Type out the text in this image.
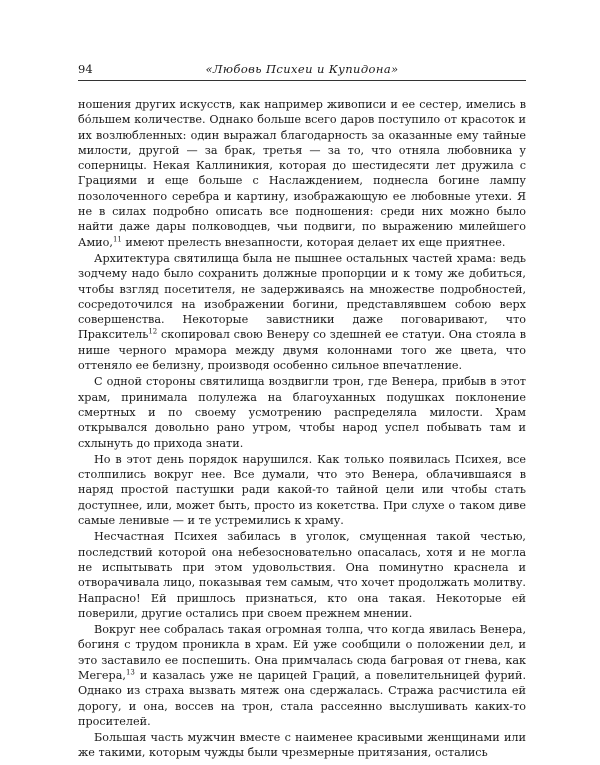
94	«Любовь Психеи и Купидона»

ношения других искусств, как например живописи и ее сестер, имелись в бо́льшем количестве. Однако больше всего даров поступило от красоток и их возлюбленных: один выражал благодарность за оказанные ему тайные милости, другой — за брак, третья — за то, что отняла любовника у соперницы. Некая Каллиникия, которая до шестидесяти лет дружила с Грациями и еще больше с Наслаждением, поднесла богине лампу позолоченного серебра и картину, изображающую ее любовные утехи. Я не в силах подробно описать все подношения: среди них можно было найти даже дары полководцев, чьи подвиги, по выражению милейшего Амио,$^{11}$ имеют прелесть внезапности, которая делает их еще приятнее.

Архитектура святилища была не пышнее остальных частей храма: ведь зодчему надо было сохранить должные пропорции и к тому же добиться, чтобы взгляд посетителя, не задерживаясь на множестве подробностей, сосредоточился на изображении богини, представлявшем собою верх совершенства. Некоторые завистники даже поговаривают, что Пракситель$^{12}$ скопировал свою Венеру со здешней ее статуи. Она стояла в нише черного мрамора между двумя колоннами того же цвета, что оттеняло ее белизну, производя особенно сильное впечатление.

С одной стороны святилища воздвигли трон, где Венера, прибыв в этот храм, принимала полулежа на благоуханных подушках поклонение смертных и по своему усмотрению распределяла милости. Храм открывался довольно рано утром, чтобы народ успел побывать там и схлынуть до прихода знати.

Но в этот день порядок нарушился. Как только появилась Психея, все столпились вокруг нее. Все думали, что это Венера, облачившаяся в наряд простой пастушки ради какой-то тайной цели или чтобы стать доступнее, или, может быть, просто из кокетства. При слухе о таком диве самые ленивые — и те устремились к храму.

Несчастная Психея забилась в уголок, смущенная такой честью, последствий которой она небезосновательно опасалась, хотя и не могла не испытывать при этом удовольствия. Она поминутно краснела и отворачивала лицо, показывая тем самым, что хочет продолжать молитву. Напрасно! Ей пришлось признаться, кто она такая. Некоторые ей поверили, другие остались при своем прежнем мнении.

Вокруг нее собралась такая огромная толпа, что когда явилась Венера, богиня с трудом проникла в храм. Ей уже сообщили о положении дел, и это заставило ее поспешить. Она примчалась сюда багровая от гнева, как Мегера,$^{13}$ и казалась уже не царицей Граций, а повелительницей фурий. Однако из страха вызвать мятеж она сдержалась. Стража расчистила ей дорогу, и она, воссев на трон, стала рассеянно выслушивать каких-то просителей.

Большая часть мужчин вместе с наименее красивыми женщинами или же такими, которым чужды были чрезмерные притязания, остались
